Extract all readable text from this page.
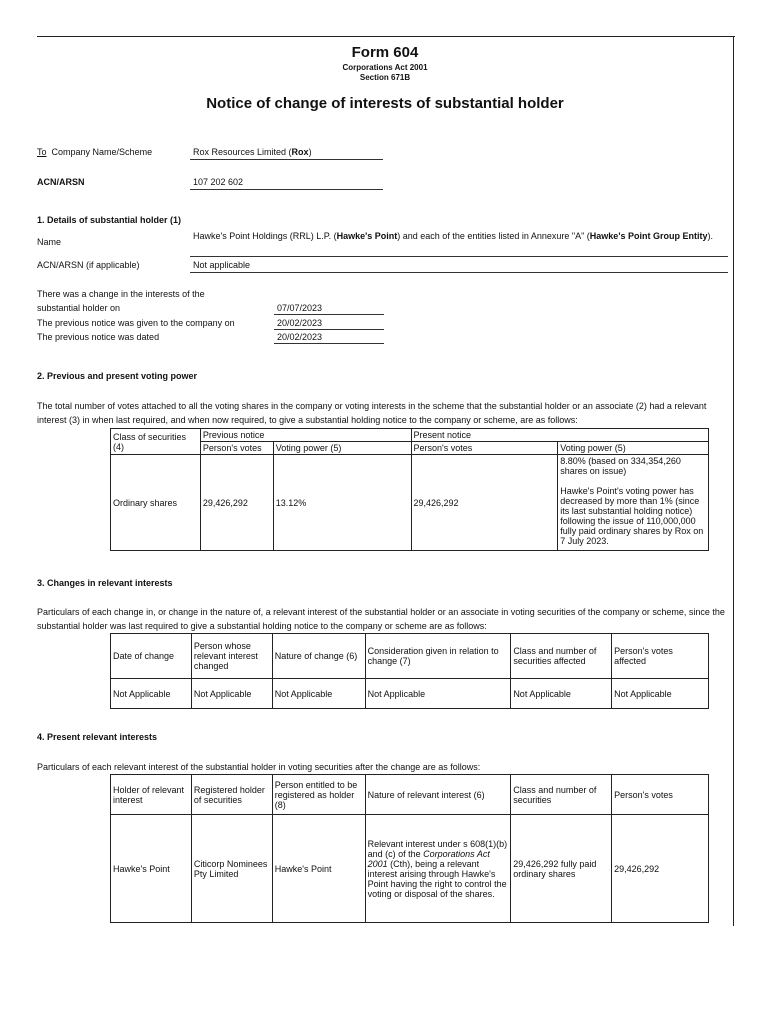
Form 604
Corporations Act 2001
Section 671B
Notice of change of interests of substantial holder
To Company Name/Scheme	Rox Resources Limited (Rox)
ACN/ARSN	107 202 602
1. Details of substantial holder (1)
Name
Hawke's Point Holdings (RRL) L.P. (Hawke's Point) and each of the entities listed in Annexure "A" (Hawke's Point Group Entity).
ACN/ARSN (if applicable)	Not applicable
There was a change in the interests of the
substantial holder on	07/07/2023
The previous notice was given to the company on	20/02/2023
The previous notice was dated	20/02/2023
2. Previous and present voting power
The total number of votes attached to all the voting shares in the company or voting interests in the scheme that the substantial holder or an associate (2) had a relevant interest (3) in when last required, and when now required, to give a substantial holding notice to the company or scheme, are as follows:
Class of securities (4)	Previous notice		Present notice	
	Person's votes	Voting power (5)	Person's votes	Voting power (5)
Ordinary shares	29,426,292	13.12%	29,426,292	8.80% (based on 334,354,260 shares on issue)
Hawke's Point's voting power has decreased by more than 1% (since its last substantial holding notice) following the issue of 110,000,000 fully paid ordinary shares by Rox on 7 July 2023.
3. Changes in relevant interests
Particulars of each change in, or change in the nature of, a relevant interest of the substantial holder or an associate in voting securities of the company or scheme, since the substantial holder was last required to give a substantial holding notice to the company or scheme are as follows:
Date of change	Person whose relevant interest changed	Nature of change (6)	Consideration given in relation to change (7)	Class and number of securities affected	Person's votes affected
Not Applicable	Not Applicable	Not Applicable	Not Applicable	Not Applicable	Not Applicable
4. Present relevant interests
Particulars of each relevant interest of the substantial holder in voting securities after the change are as follows:
Holder of relevant interest	Registered holder of securities	Person entitled to be registered as holder (8)	Nature of relevant interest (6)	Class and number of securities	Person's votes
Hawke's Point	Citicorp Nominees Pty Limited	Hawke's Point	Relevant interest under s 608(1)(b) and (c) of the Corporations Act 2001 (Cth), being a relevant interest arising through Hawke's Point having the right to control the voting or disposal of the shares.	29,426,292 fully paid ordinary shares	29,426,292
